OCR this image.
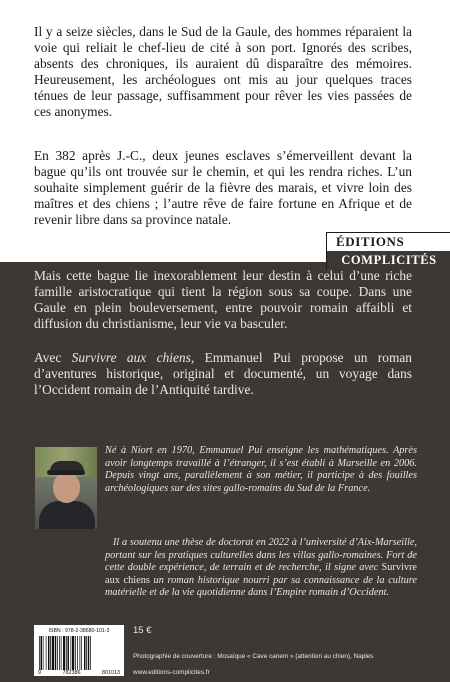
Il y a seize siècles, dans le Sud de la Gaule, des hommes réparaient la voie qui reliait le chef-lieu de cité à son port. Ignorés des scribes, absents des chroniques, ils auraient dû disparaître des mémoires. Heureusement, les archéologues ont mis au jour quelques traces ténues de leur passage, suffisamment pour rêver les vies passées de ces anonymes.

En 382 après J.-C., deux jeunes esclaves s’émerveillent devant la bague qu’ils ont trouvée sur le chemin, et qui les rendra riches. L’un souhaite simplement guérir de la fièvre des marais, et vivre loin des maîtres et des chiens ; l’autre rêve de faire fortune en Afrique et de revenir libre dans sa province natale.

ÉDITIONS
COMPLICITÉS

Mais cette bague lie inexorablement leur destin à celui d’une riche famille aristocratique qui tient la région sous sa coupe. Dans une Gaule en plein bouleversement, entre pouvoir romain affaibli et diffusion du christianisme, leur vie va basculer.

Avec Survivre aux chiens, Emmanuel Pui propose un roman d’aventures historique, original et documenté, un voyage dans l’Occident romain de l’Antiquité tardive.

Né à Niort en 1970, Emmanuel Pui enseigne les mathématiques. Après avoir longtemps travaillé à l’étranger, il s’est établi à Marseille en 2006. Depuis vingt ans, parallèlement à son métier, il participe à des fouilles archéologiques sur des sites gallo-romains du Sud de la France.

Il a soutenu une thèse de doctorat en 2022 à l’université d’Aix-Marseille, portant sur les pratiques culturelles dans les villas gallo-romaines. Fort de cette double expérience, de terrain et de recherche, il signe avec Survivre aux chiens un roman historique nourri par sa connaissance de la culture matérielle et de la vie quotidienne dans l’Empire romain d’Occident.

ISBN : 978-2-38680-101-3
9	782386	801013
15 €
Photographie de couverture : Mosaïque « Cave canem » (attention au chien), Naples
www.editions-complicites.fr
